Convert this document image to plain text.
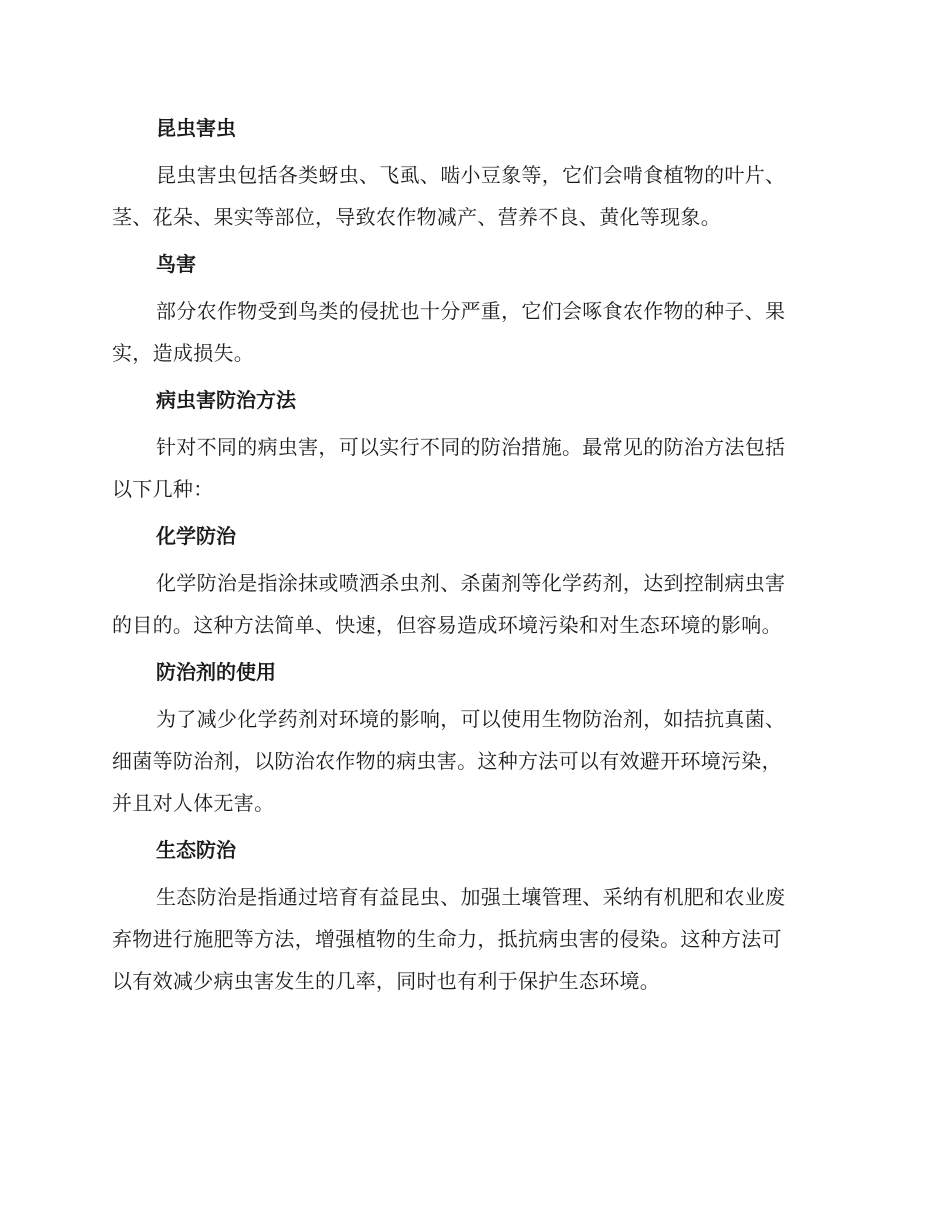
昆虫害虫
昆虫害虫包括各类蚜虫、飞虱、啮小豆象等，它们会啃食植物的叶片、
茎、花朵、果实等部位，导致农作物减产、营养不良、黄化等现象。
鸟害
部分农作物受到鸟类的侵扰也十分严重，它们会啄食农作物的种子、果
实，造成损失。
病虫害防治方法
针对不同的病虫害，可以实行不同的防治措施。最常见的防治方法包括
以下几种：
化学防治
化学防治是指涂抹或喷洒杀虫剂、杀菌剂等化学药剂，达到控制病虫害
的目的。这种方法简单、快速，但容易造成环境污染和对生态环境的影响。
防治剂的使用
为了减少化学药剂对环境的影响，可以使用生物防治剂，如拮抗真菌、
细菌等防治剂，以防治农作物的病虫害。这种方法可以有效避开环境污染，
并且对人体无害。
生态防治
生态防治是指通过培育有益昆虫、加强土壤管理、采纳有机肥和农业废
弃物进行施肥等方法，增强植物的生命力，抵抗病虫害的侵染。这种方法可
以有效减少病虫害发生的几率，同时也有利于保护生态环境。
